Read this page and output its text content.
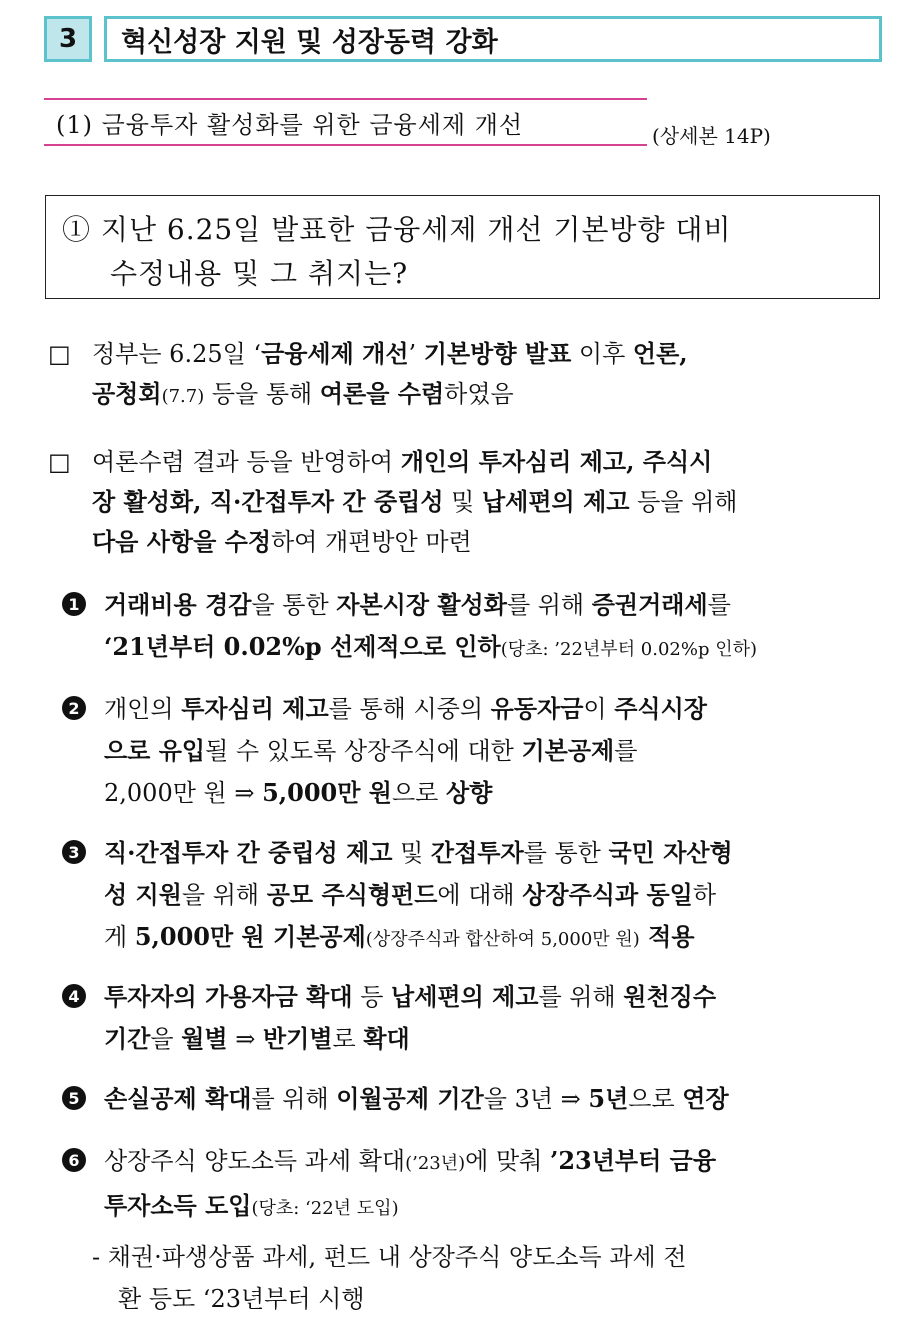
3	혁신성장 지원 및 성장동력 강화
(1) 금융투자 활성화를 위한 금융세제 개선	(상세본 14P)
① 지난 6.25일 발표한 금융세제 개선 기본방향 대비
수정내용 및 그 취지는?
□ 정부는 6.25일 ‘금융세제 개선’ 기본방향 발표 이후 언론,
공청회(7.7) 등을 통해 여론을 수렴하였음
□ 여론수렴 결과 등을 반영하여 개인의 투자심리 제고, 주식시
장 활성화, 직·간접투자 간 중립성 및 납세편의 제고 등을 위해
다음 사항을 수정하여 개편방안 마련
1 거래비용 경감을 통한 자본시장 활성화를 위해 증권거래세를
‘21년부터 0.02%p 선제적으로 인하(당초: ’22년부터 0.02%p 인하)
2 개인의 투자심리 제고를 통해 시중의 유동자금이 주식시장
으로 유입될 수 있도록 상장주식에 대한 기본공제를
2,000만 원 ⇒ 5,000만 원으로 상향
3 직·간접투자 간 중립성 제고 및 간접투자를 통한 국민 자산형
성 지원을 위해 공모 주식형펀드에 대해 상장주식과 동일하
게 5,000만 원 기본공제(상장주식과 합산하여 5,000만 원) 적용
4 투자자의 가용자금 확대 등 납세편의 제고를 위해 원천징수
기간을 월별 ⇒ 반기별로 확대
5 손실공제 확대를 위해 이월공제 기간을 3년 ⇒ 5년으로 연장
6 상장주식 양도소득 과세 확대(’23년)에 맞춰 ’23년부터 금융
투자소득 도입(당초: ‘22년 도입)
- 채권·파생상품 과세, 펀드 내 상장주식 양도소득 과세 전
환 등도 ‘23년부터 시행
